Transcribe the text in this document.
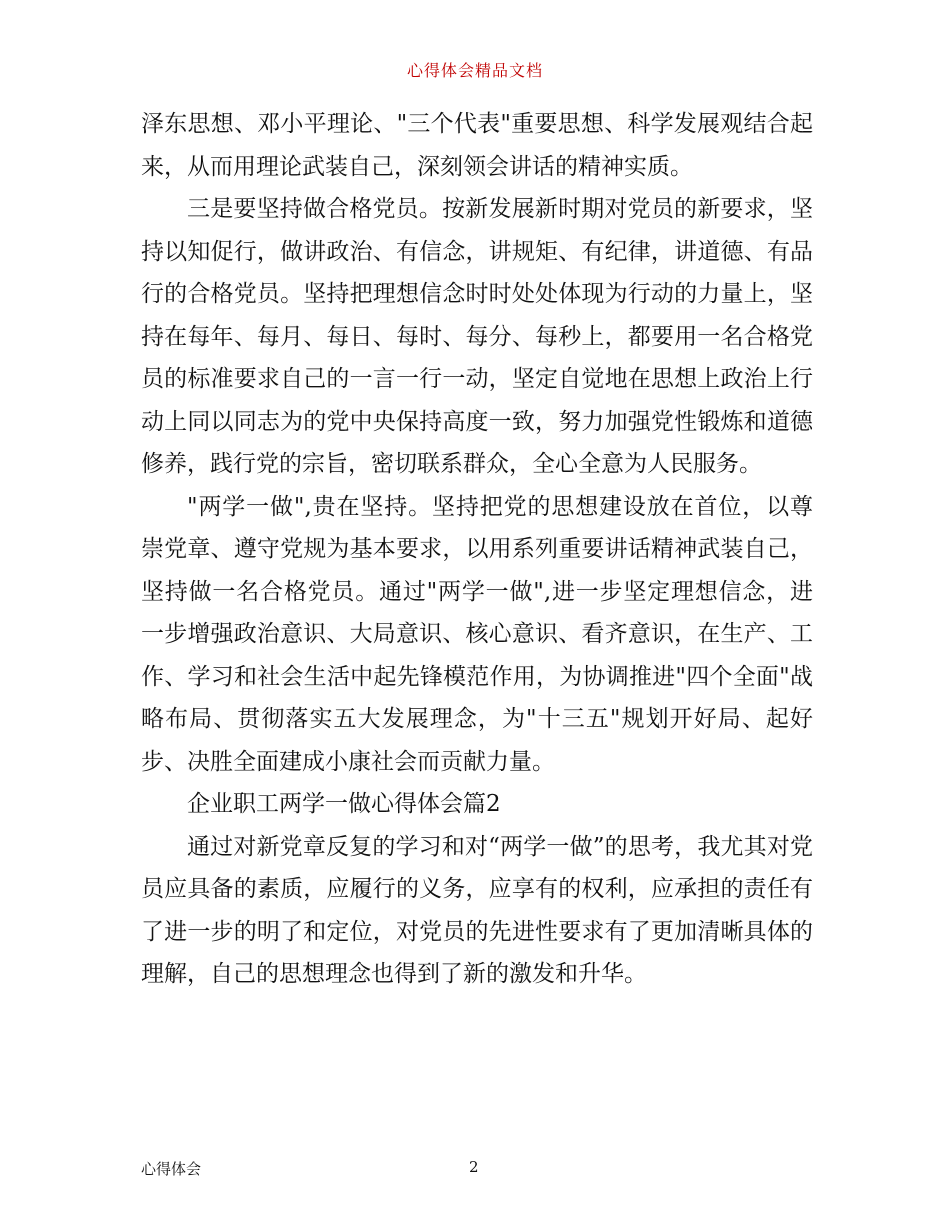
心得体会精品文档

泽东思想、邓小平理论、"三个代表"重要思想、科学发展观结合起来，从而用理论武装自己，深刻领会讲话的精神实质。

三是要坚持做合格党员。按新发展新时期对党员的新要求，坚持以知促行，做讲政治、有信念，讲规矩、有纪律，讲道德、有品行的合格党员。坚持把理想信念时时处处体现为行动的力量上，坚持在每年、每月、每日、每时、每分、每秒上，都要用一名合格党员的标准要求自己的一言一行一动，坚定自觉地在思想上政治上行动上同以同志为的党中央保持高度一致，努力加强党性锻炼和道德修养，践行党的宗旨，密切联系群众，全心全意为人民服务。

"两学一做",贵在坚持。坚持把党的思想建设放在首位，以尊崇党章、遵守党规为基本要求，以用系列重要讲话精神武装自己，坚持做一名合格党员。通过"两学一做",进一步坚定理想信念，进一步增强政治意识、大局意识、核心意识、看齐意识，在生产、工作、学习和社会生活中起先锋模范作用，为协调推进"四个全面"战略布局、贯彻落实五大发展理念，为"十三五"规划开好局、起好步、决胜全面建成小康社会而贡献力量。

企业职工两学一做心得体会篇2

通过对新党章反复的学习和对“两学一做”的思考，我尤其对党员应具备的素质，应履行的义务，应享有的权利，应承担的责任有了进一步的明了和定位，对党员的先进性要求有了更加清晰具体的理解，自己的思想理念也得到了新的激发和升华。

心得体会	2
